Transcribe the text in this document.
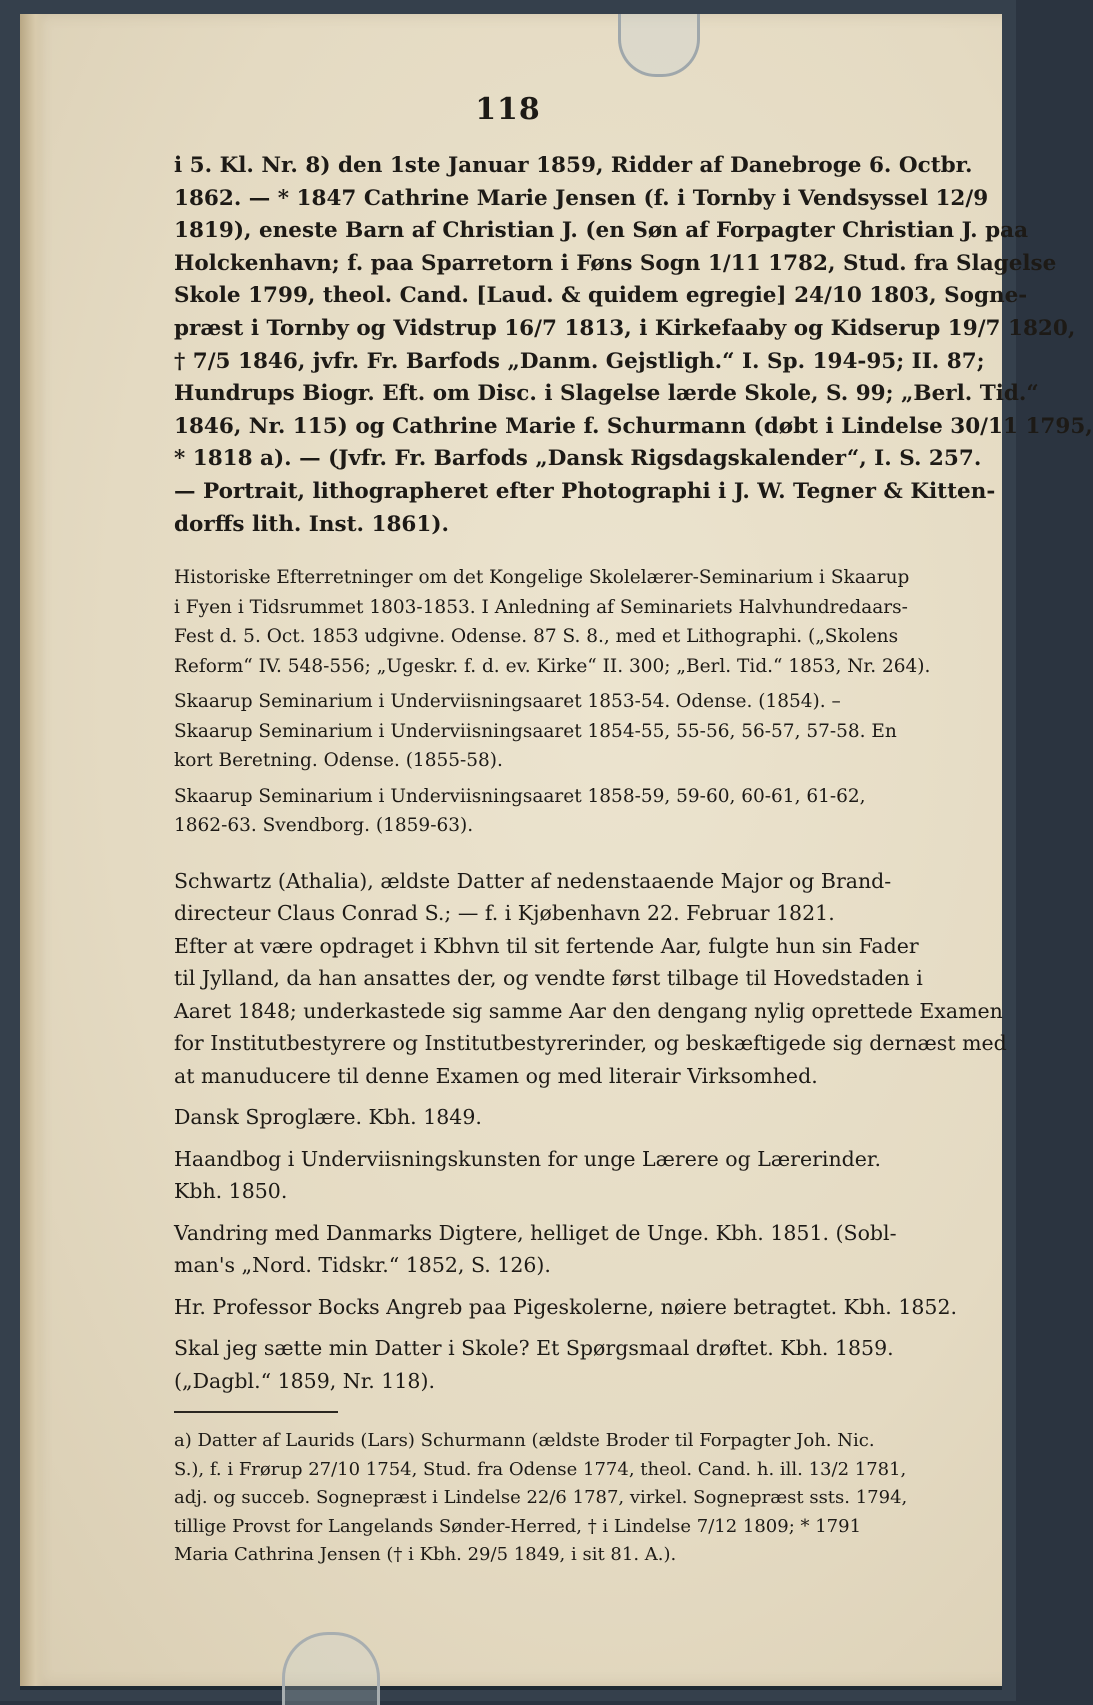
118

i 5. Kl. Nr. 8) den 1ste Januar 1859, Ridder af Danebroge 6. Octbr.

1862. — * 1847 Cathrine Marie Jensen (f. i Tornby i Vendsyssel 12/9

1819), eneste Barn af Christian J. (en Søn af Forpagter Christian J. paa

Holckenhavn; f. paa Sparretorn i Føns Sogn 1/11 1782, Stud. fra Slagelse

Skole 1799, theol. Cand. [Laud. & quidem egregie] 24/10 1803, Sogne-

præst i Tornby og Vidstrup 16/7 1813, i Kirkefaaby og Kidserup 19/7 1820,

† 7/5 1846, jvfr. Fr. Barfods „Danm. Gejstligh.“ I. Sp. 194-95; II. 87;

Hundrups Biogr. Eft. om Disc. i Slagelse lærde Skole, S. 99; „Berl. Tid.“

1846, Nr. 115) og Cathrine Marie f. Schurmann (døbt i Lindelse 30/11 1795,

* 1818 a). — (Jvfr. Fr. Barfods „Dansk Rigsdagskalender“, I. S. 257.

— Portrait, lithographeret efter Photographi i J. W. Tegner & Kitten-

dorffs lith. Inst. 1861).

Historiske Efterretninger om det Kongelige Skolelærer-Seminarium i Skaarup

i Fyen i Tidsrummet 1803-1853. I Anledning af Seminariets Halvhundredaars-

Fest d. 5. Oct. 1853 udgivne. Odense. 87 S. 8., med et Lithographi. („Skolens

Reform“ IV. 548-556; „Ugeskr. f. d. ev. Kirke“ II. 300; „Berl. Tid.“ 1853, Nr. 264).

Skaarup Seminarium i Underviisningsaaret 1853-54. Odense. (1854). –

Skaarup Seminarium i Underviisningsaaret 1854-55, 55-56, 56-57, 57-58. En

kort Beretning. Odense. (1855-58).

Skaarup Seminarium i Underviisningsaaret 1858-59, 59-60, 60-61, 61-62,

1862-63. Svendborg. (1859-63).

Schwartz (Athalia), ældste Datter af nedenstaaende Major og Brand-

directeur Claus Conrad S.; — f. i Kjøbenhavn 22. Februar 1821.

Efter at være opdraget i Kbhvn til sit fertende Aar, fulgte hun sin Fader

til Jylland, da han ansattes der, og vendte først tilbage til Hovedstaden i

Aaret 1848; underkastede sig samme Aar den dengang nylig oprettede Examen

for Institutbestyrere og Institutbestyrerinder, og beskæftigede sig dernæst med

at manuducere til denne Examen og med literair Virksomhed.

Dansk Sproglære. Kbh. 1849.

Haandbog i Underviisningskunsten for unge Lærere og Lærerinder.

Kbh. 1850.

Vandring med Danmarks Digtere, helliget de Unge. Kbh. 1851. (Sobl-

man's „Nord. Tidskr.“ 1852, S. 126).

Hr. Professor Bocks Angreb paa Pigeskolerne, nøiere betragtet. Kbh. 1852.

Skal jeg sætte min Datter i Skole? Et Spørgsmaal drøftet. Kbh. 1859.

(„Dagbl.“ 1859, Nr. 118).

a) Datter af Laurids (Lars) Schurmann (ældste Broder til Forpagter Joh. Nic.

S.), f. i Frørup 27/10 1754, Stud. fra Odense 1774, theol. Cand. h. ill. 13/2 1781,

adj. og succeb. Sognepræst i Lindelse 22/6 1787, virkel. Sognepræst ssts. 1794,

tillige Provst for Langelands Sønder-Herred, † i Lindelse 7/12 1809; * 1791

Maria Cathrina Jensen († i Kbh. 29/5 1849, i sit 81. A.).
